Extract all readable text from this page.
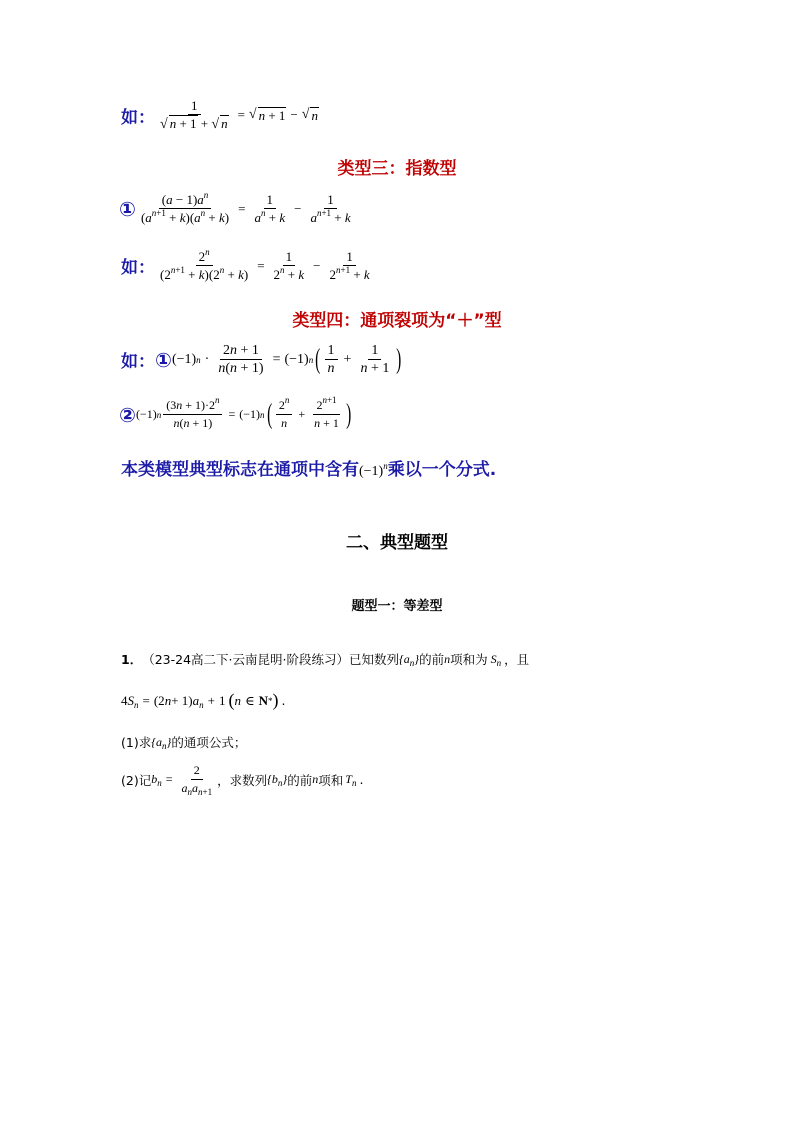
如： $\frac{1}{√ n + 1 + √ n}$ = √ n + 1 − √ n
类型三：指数型
① $\frac{(a - 1)a^n}{(a^{n+1} + k)(a^n + k)} = \frac{1}{a^n + k} - \frac{1}{a^{n+1} + k}$
如： $\frac{2^n}{(2^{n+1} + k)(2^n + k)} = \frac{1}{2^n + k} - \frac{1}{2^{n+1} + k}$
类型四：通项裂项为“＋”型
如： ① (−1) $n \cdot \frac{2n + 1}{n(n + 1)} = (-1)$ n ( $\frac{1}{n} + \frac{1}{n + 1}$ )
② (−1) n $\frac{(3n + 1)\cdot 2^n}{n(n + 1)} = (-1)$ n ( $\frac{2^n}{n} + \frac{2^{n+1}}{n + 1}$ )
本类模型典型标志在通项中含有 $(-1)^n$ 乘以一个分式.
二、典型题型
题型一：等差型
1． （23-24高二下·云南昆明·阶段练习）已知数列 $\{a_n\}$ 的前 n 项和为 $S_n$ ，且
4 $S_n = (2$ n + 1) $a_n + 1$ ( n ∈ N * ) .
(1)求 $\{a_n\}$ 的通项公式；
(2)记 $b_n = \frac{2}{a_na_{n+1}}$ ，求数列 $\{b_n\}$ 的前 n 项和 $T_n$ .
